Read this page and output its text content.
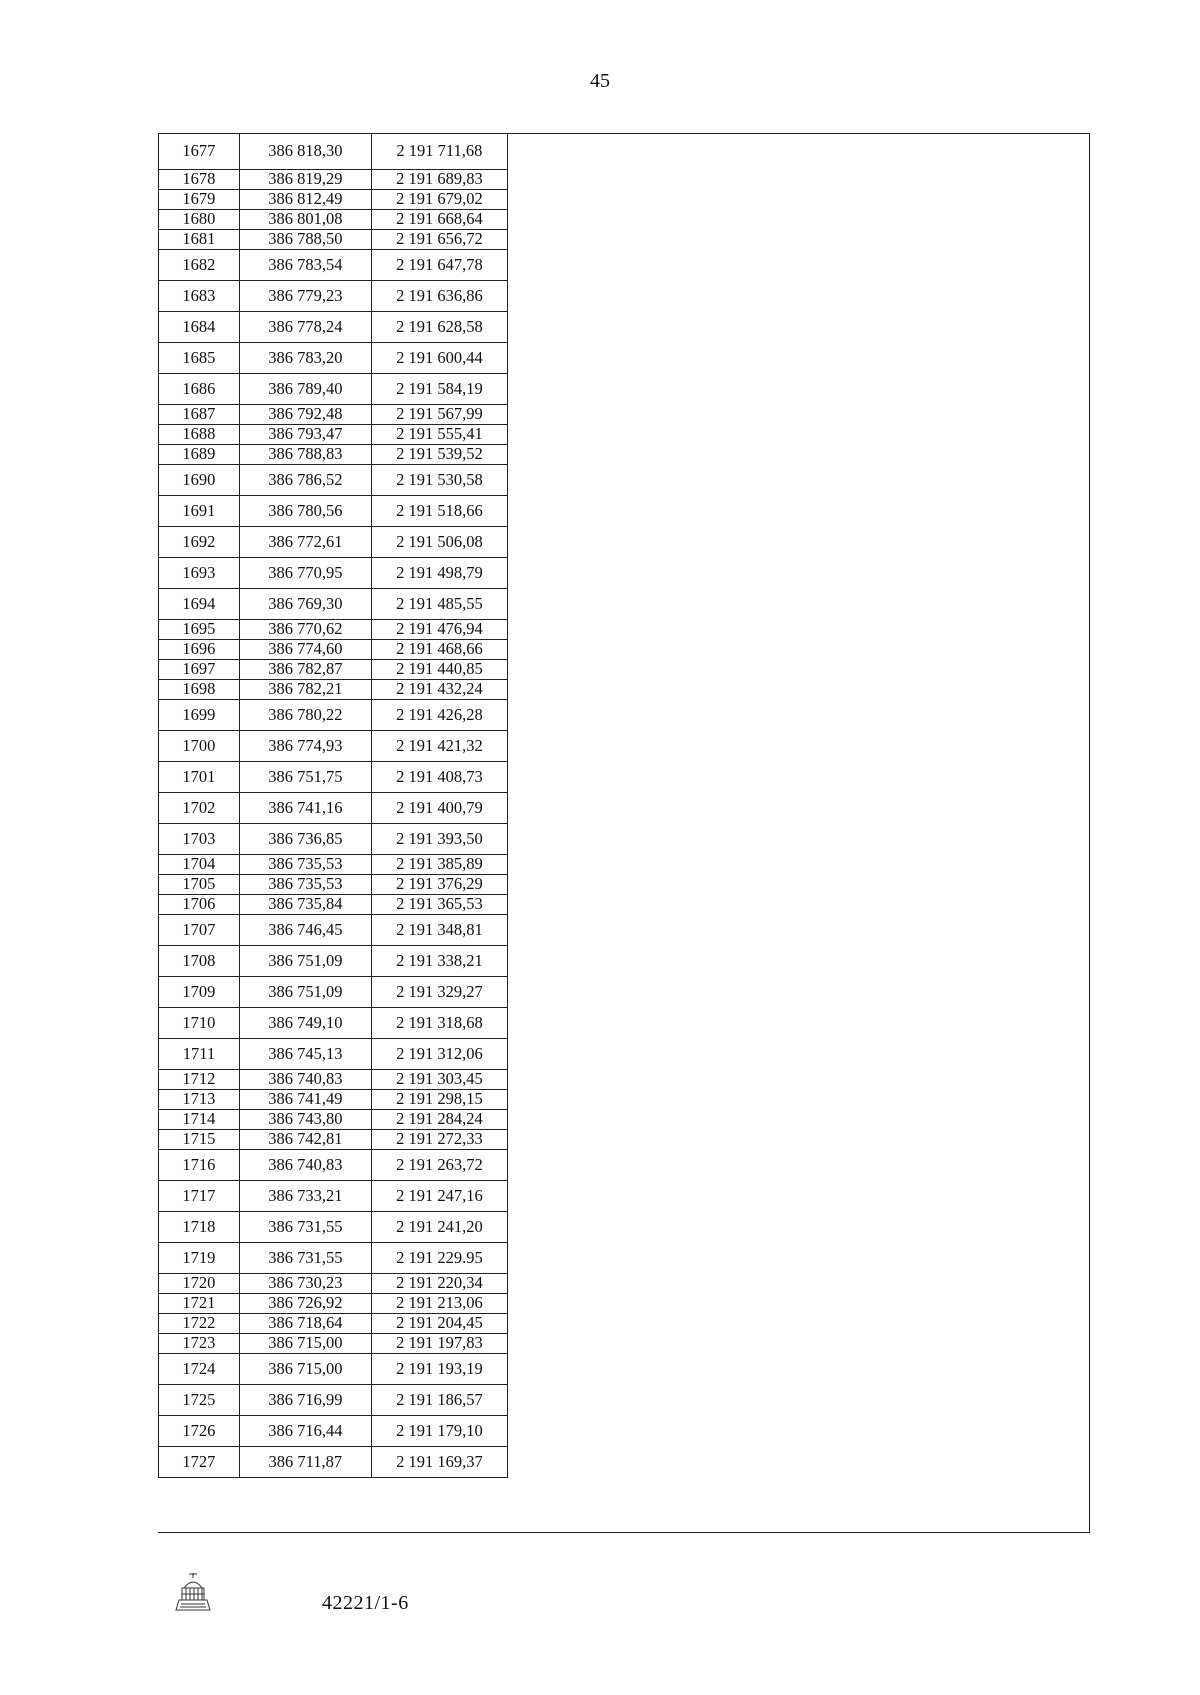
45
1677	386 818,30	2 191 711,68
1678	386 819,29	2 191 689,83
1679	386 812,49	2 191 679,02
1680	386 801,08	2 191 668,64
1681	386 788,50	2 191 656,72
1682	386 783,54	2 191 647,78
1683	386 779,23	2 191 636,86
1684	386 778,24	2 191 628,58
1685	386 783,20	2 191 600,44
1686	386 789,40	2 191 584,19
1687	386 792,48	2 191 567,99
1688	386 793,47	2 191 555,41
1689	386 788,83	2 191 539,52
1690	386 786,52	2 191 530,58
1691	386 780,56	2 191 518,66
1692	386 772,61	2 191 506,08
1693	386 770,95	2 191 498,79
1694	386 769,30	2 191 485,55
1695	386 770,62	2 191 476,94
1696	386 774,60	2 191 468,66
1697	386 782,87	2 191 440,85
1698	386 782,21	2 191 432,24
1699	386 780,22	2 191 426,28
1700	386 774,93	2 191 421,32
1701	386 751,75	2 191 408,73
1702	386 741,16	2 191 400,79
1703	386 736,85	2 191 393,50
1704	386 735,53	2 191 385,89
1705	386 735,53	2 191 376,29
1706	386 735,84	2 191 365,53
1707	386 746,45	2 191 348,81
1708	386 751,09	2 191 338,21
1709	386 751,09	2 191 329,27
1710	386 749,10	2 191 318,68
1711	386 745,13	2 191 312,06
1712	386 740,83	2 191 303,45
1713	386 741,49	2 191 298,15
1714	386 743,80	2 191 284,24
1715	386 742,81	2 191 272,33
1716	386 740,83	2 191 263,72
1717	386 733,21	2 191 247,16
1718	386 731,55	2 191 241,20
1719	386 731,55	2 191 229.95
1720	386 730,23	2 191 220,34
1721	386 726,92	2 191 213,06
1722	386 718,64	2 191 204,45
1723	386 715,00	2 191 197,83
1724	386 715,00	2 191 193,19
1725	386 716,99	2 191 186,57
1726	386 716,44	2 191 179,10
1727	386 711,87	2 191 169,37
42221/1-6
